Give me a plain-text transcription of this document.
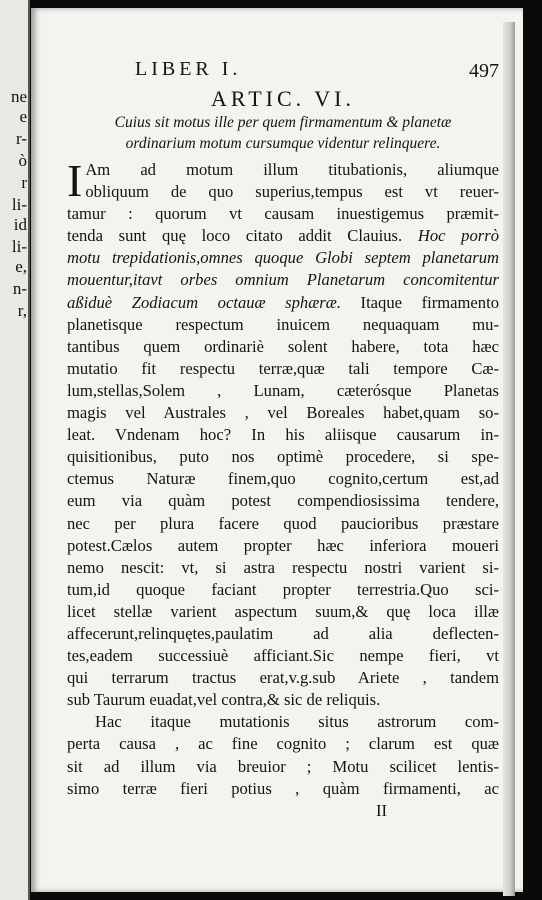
ne
e
r-
ò
r
li-
id
li-
e,
n-
r,
LIBER I.	497
ARTIC. VI.
Cuius sit motus ille per quem firmamentum & planetæ
ordinarium motum cursumque videntur relinquere.
I Am ad motum illum titubationis, aliumque
obliquum de quo superius,tempus est vt reuer-
tamur : quorum vt causam inuestigemus præmit-
tenda sunt quę loco citato addit Clauius. Hoc porrò
motu trepidationis,omnes quoque Globi septem planetarum
mouentur,itavt orbes omnium Planetarum concomitentur
aßiduè Zodiacum octauæ sphæræ. Itaque firmamento
planetisque respectum inuicem nequaquam mu-
tantibus quem ordinariè solent habere, tota hæc
mutatio fit respectu terræ,quæ tali tempore Cæ-
lum,stellas,Solem , Lunam, cæterósque Planetas
magis vel Australes , vel Boreales habet,quam so-
leat. Vndenam hoc? In his aliisque causarum in-
quisitionibus, puto nos optimè procedere, si spe-
ctemus Naturæ finem,quo cognito,certum est,ad
eum via quàm potest compendiosissima tendere,
nec per plura facere quod paucioribus præstare
potest.Cælos autem propter hæc inferiora moueri
nemo nescit: vt, si astra respectu nostri varient si-
tum,id quoque faciant propter terrestria.Quo sci-
licet stellæ varient aspectum suum,& quę loca illæ
affecerunt,relinquętes,paulatim ad alia deflecten-
tes,eadem successiuè afficiant.Sic nempe fieri, vt
qui terrarum tractus erat,v.g.sub Ariete , tandem
sub Taurum euadat,vel contra,& sic de reliquis.
Hac itaque mutationis situs astrorum com-
perta causa , ac fine cognito ; clarum est quæ
sit ad illum via breuior ; Motu scilicet lentis-
simo terræ fieri potius , quàm firmamenti, ac
II
